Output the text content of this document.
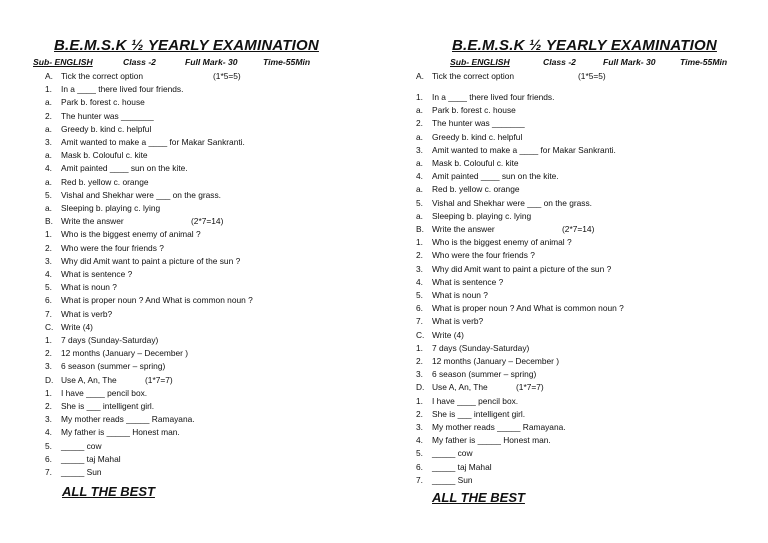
B.E.M.S.K ½ YEARLY EXAMINATION
Sub- ENGLISH	Class -2	Full Mark- 30	Time-55Min
A. Tick the correct option	(1*5=5)
1.	In a ____ there lived four friends.
a.	Park b. forest c. house
2.	The hunter was _______
a.	Greedy b. kind c. helpful
3.	Amit wanted to make a ____ for Makar Sankranti.
a.	Mask b. Colouful c. kite
4.	Amit painted ____ sun on the kite.
a.	Red b. yellow c. orange
5.	Vishal and Shekhar were ___ on the grass.
a.	Sleeping b. playing c. lying
B. Write the answer	(2*7=14)
1.	Who is the biggest enemy of animal ?
2.	Who were the four friends ?
3.	Why did Amit want to paint a picture of the sun ?
4.	What is sentence ?
5.	What is noun ?
6.	What is proper noun ? And What is common noun ?
7.	What is verb?
C. Write (4)
1.	7 days (Sunday-Saturday)
2.	12 months (January – December )
3.	6 season (summer – spring)
D. Use A, An, The	(1*7=7)
1.	I have ____ pencil box.
2.	She is ___ intelligent girl.
3.	My mother reads _____ Ramayana.
4.	My father is _____ Honest man.
5.	_____ cow
6.	_____ taj Mahal
7.	_____ Sun
ALL THE BEST
B.E.M.S.K ½ YEARLY EXAMINATION
Sub- ENGLISH	Class -2	Full Mark- 30	Time-55Min
A. Tick the correct option	(1*5=5)
1.	In a ____ there lived four friends.
a.	Park b. forest c. house
2.	The hunter was _______
a.	Greedy b. kind c. helpful
3.	Amit wanted to make a ____ for Makar Sankranti.
a.	Mask b. Colouful c. kite
4.	Amit painted ____ sun on the kite.
a.	Red b. yellow c. orange
5.	Vishal and Shekhar were ___ on the grass.
a.	Sleeping b. playing c. lying
B. Write the answer	(2*7=14)
1.	Who is the biggest enemy of animal ?
2.	Who were the four friends ?
3.	Why did Amit want to paint a picture of the sun ?
4.	What is sentence ?
5.	What is noun ?
6.	What is proper noun ? And What is common noun ?
7.	What is verb?
C. Write (4)
1.	7 days (Sunday-Saturday)
2.	12 months (January – December )
3.	6 season (summer – spring)
D. Use A, An, The	(1*7=7)
1.	I have ____ pencil box.
2.	She is ___ intelligent girl.
3.	My mother reads _____ Ramayana.
4.	My father is _____ Honest man.
5.	_____ cow
6.	_____ taj Mahal
7.	_____ Sun
ALL THE BEST
